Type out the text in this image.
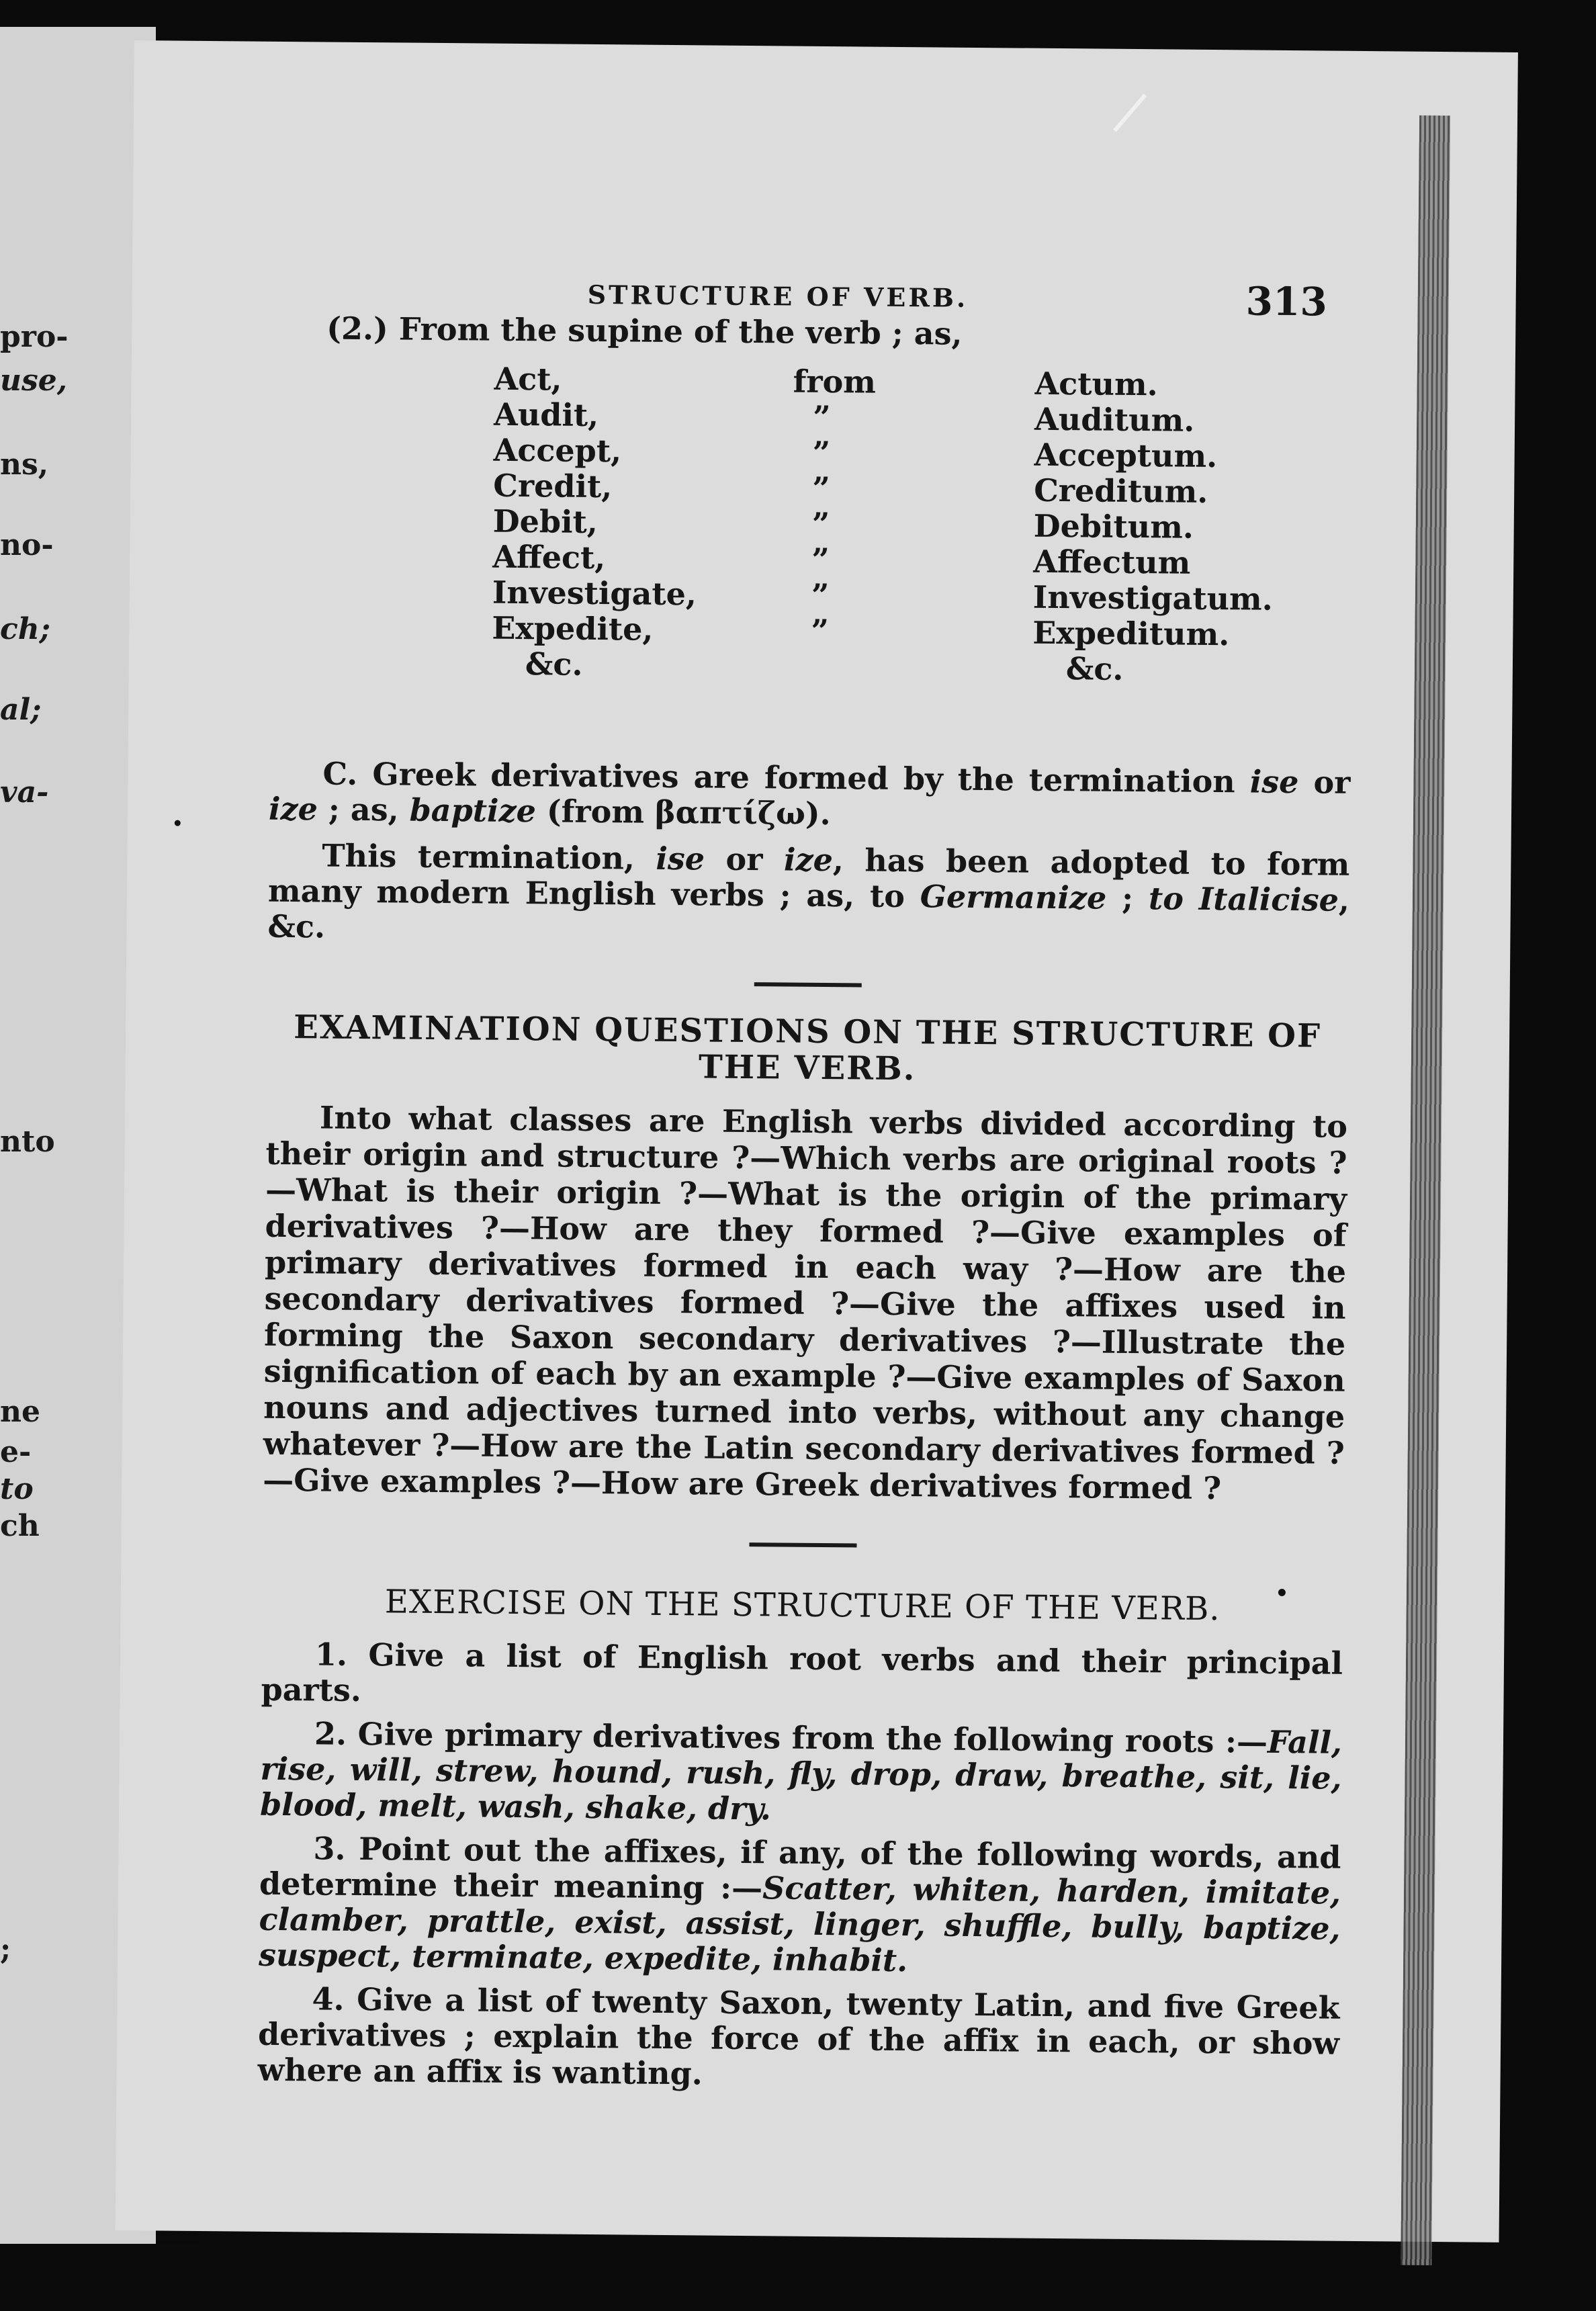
pro-
use,
ns,
no-
ch;
al;
va-
nto
ne
e-
to
ch
;
STRUCTURE OF VERB.	313

(2.) From the supine of the verb ; as,

Act,
Audit,
Accept,
Credit,
Debit,
Affect,
Investigate,
Expedite,
&c.
from
”
”
”
”
”
”
”
Actum.
Auditum.
Acceptum.
Creditum.
Debitum.
Affectum
Investigatum.
Expeditum.
&c.

C. Greek derivatives are formed by the termination ise or ize ; as, baptize (from βαπτίζω).

This termination, ise or ize, has been adopted to form many modern English verbs ; as, to Germanize ; to Italicise, &c.

EXAMINATION QUESTIONS ON THE STRUCTURE OF THE VERB.

Into what classes are English verbs divided according to their origin and structure ?—Which verbs are original roots ?—What is their origin ?—What is the origin of the primary derivatives ?—How are they formed ?—Give examples of primary derivatives formed in each way ?—How are the secondary derivatives formed ?—Give the affixes used in forming the Saxon secondary derivatives ?—Illustrate the signification of each by an example ?—Give examples of Saxon nouns and adjectives turned into verbs, without any change whatever ?—How are the Latin secondary derivatives formed ?—Give examples ?—How are Greek derivatives formed ?

EXERCISE ON THE STRUCTURE OF THE VERB.

1. Give a list of English root verbs and their principal parts.

2. Give primary derivatives from the following roots :—Fall, rise, will, strew, hound, rush, fly, drop, draw, breathe, sit, lie, blood, melt, wash, shake, dry.

3. Point out the affixes, if any, of the following words, and determine their meaning :—Scatter, whiten, harden, imitate, clamber, prattle, exist, assist, linger, shuffle, bully, baptize, suspect, terminate, expedite, inhabit.

4. Give a list of twenty Saxon, twenty Latin, and five Greek derivatives ; explain the force of the affix in each, or show where an affix is wanting.
